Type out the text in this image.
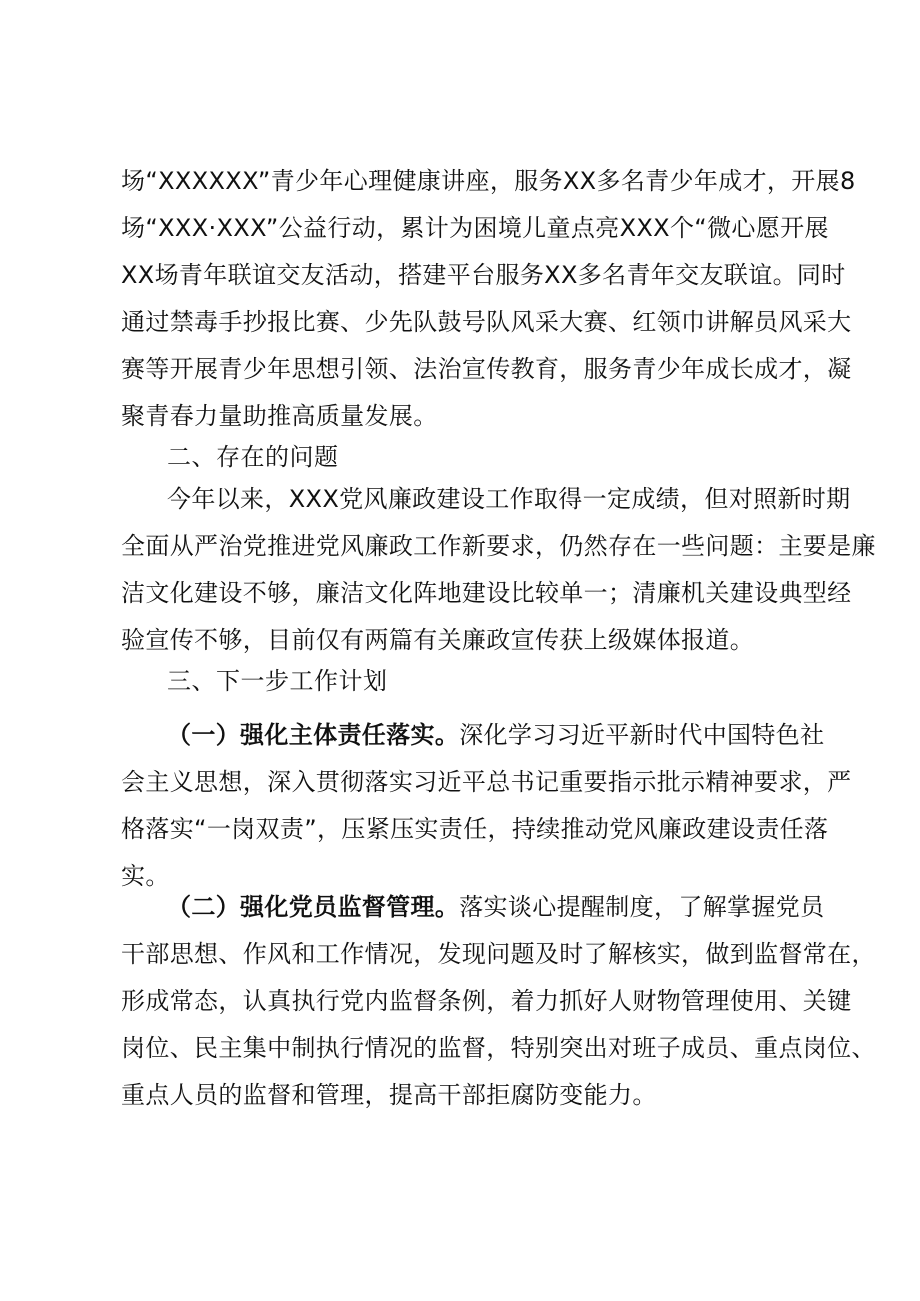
场“XXXXXX”青少年心理健康讲座，服务XX多名青少年成才，开展8
场“XXX·XXX”公益行动，累计为困境儿童点亮XXX个“微心愿开展
XX场青年联谊交友活动，搭建平台服务XX多名青年交友联谊。同时
通过禁毒手抄报比赛、少先队鼓号队风采大赛、红领巾讲解员风采大
赛等开展青少年思想引领、法治宣传教育，服务青少年成长成才，凝
聚青春力量助推高质量发展。
二、存在的问题
今年以来，XXX党风廉政建设工作取得一定成绩，但对照新时期
全面从严治党推进党风廉政工作新要求，仍然存在一些问题：主要是廉
洁文化建设不够，廉洁文化阵地建设比较单一；清廉机关建设典型经
验宣传不够，目前仅有两篇有关廉政宣传获上级媒体报道。
三、下一步工作计划
（一）强化主体责任落实。深化学习习近平新时代中国特色社
会主义思想，深入贯彻落实习近平总书记重要指示批示精神要求，严
格落实“一岗双责”，压紧压实责任，持续推动党风廉政建设责任落
实。
（二）强化党员监督管理。落实谈心提醒制度，了解掌握党员
干部思想、作风和工作情况，发现问题及时了解核实，做到监督常在，
形成常态，认真执行党内监督条例，着力抓好人财物管理使用、关键
岗位、民主集中制执行情况的监督，特别突出对班子成员、重点岗位、
重点人员的监督和管理，提高干部拒腐防变能力。
